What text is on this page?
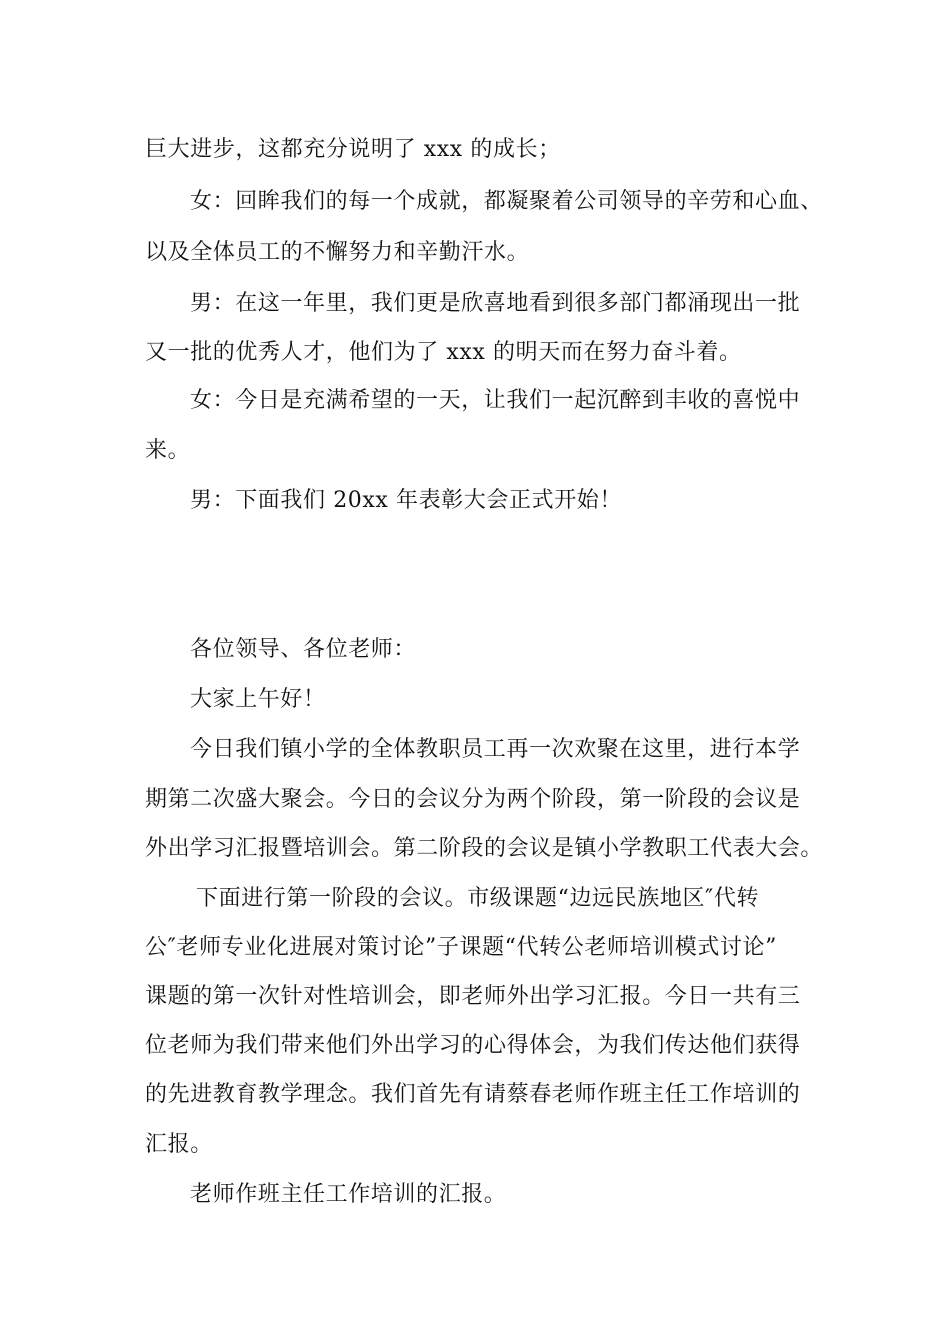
巨大进步，这都充分说明了 xxx 的成长；
女：回眸我们的每一个成就，都凝聚着公司领导的辛劳和心血、
以及全体员工的不懈努力和辛勤汗水。
男：在这一年里，我们更是欣喜地看到很多部门都涌现出一批
又一批的优秀人才，他们为了 xxx 的明天而在努力奋斗着。
女：今日是充满希望的一天，让我们一起沉醉到丰收的喜悦中
来。
男：下面我们 20xx 年表彰大会正式开始！
各位领导、各位老师：
大家上午好！
今日我们镇小学的全体教职员工再一次欢聚在这里，进行本学
期第二次盛大聚会。今日的会议分为两个阶段，第一阶段的会议是
外出学习汇报暨培训会。第二阶段的会议是镇小学教职工代表大会。
下面进行第一阶段的会议。市级课题“边远民族地区″代转
公″老师专业化进展对策讨论”子课题“代转公老师培训模式讨论”
课题的第一次针对性培训会，即老师外出学习汇报。今日一共有三
位老师为我们带来他们外出学习的心得体会，为我们传达他们获得
的先进教育教学理念。我们首先有请蔡春老师作班主任工作培训的
汇报。
老师作班主任工作培训的汇报。
